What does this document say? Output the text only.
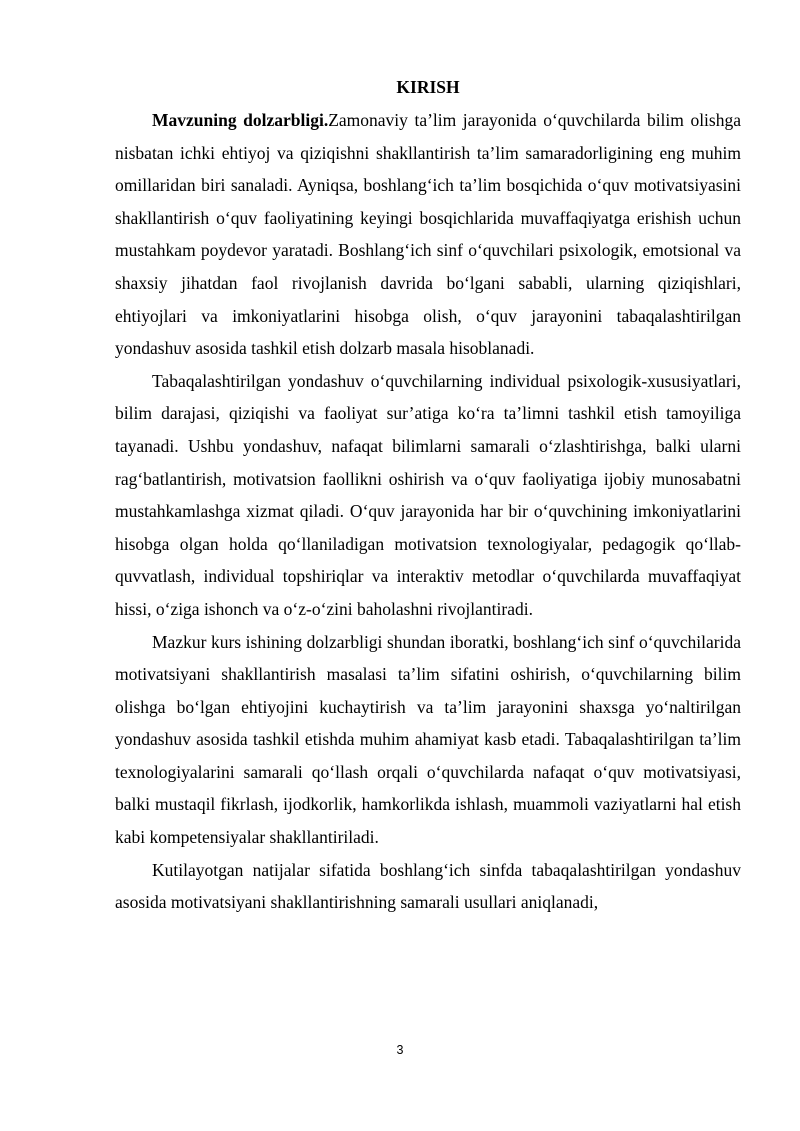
KIRISH

Mavzuning dolzarbligi.Zamonaviy ta’lim jarayonida o‘quvchilarda bilim olishga nisbatan ichki ehtiyoj va qiziqishni shakllantirish ta’lim samaradorligining eng muhim omillaridan biri sanaladi. Ayniqsa, boshlang‘ich ta’lim bosqichida o‘quv motivatsiyasini shakllantirish o‘quv faoliyatining keyingi bosqichlarida muvaffaqiyatga erishish uchun mustahkam poydevor yaratadi. Boshlang‘ich sinf o‘quvchilari psixologik, emotsional va shaxsiy jihatdan faol rivojlanish davrida bo‘lgani sababli, ularning qiziqishlari, ehtiyojlari va imkoniyatlarini hisobga olish, o‘quv jarayonini tabaqalashtirilgan yondashuv asosida tashkil etish dolzarb masala hisoblanadi.

Tabaqalashtirilgan yondashuv o‘quvchilarning individual psixologik-xususiyatlari, bilim darajasi, qiziqishi va faoliyat sur’atiga ko‘ra ta’limni tashkil etish tamoyiliga tayanadi. Ushbu yondashuv, nafaqat bilimlarni samarali o‘zlashtirishga, balki ularni rag‘batlantirish, motivatsion faollikni oshirish va o‘quv faoliyatiga ijobiy munosabatni mustahkamlashga xizmat qiladi. O‘quv jarayonida har bir o‘quvchining imkoniyatlarini hisobga olgan holda qo‘llaniladigan motivatsion texnologiyalar, pedagogik qo‘llab-quvvatlash, individual topshiriqlar va interaktiv metodlar o‘quvchilarda muvaffaqiyat hissi, o‘ziga ishonch va o‘z-o‘zini baholashni rivojlantiradi.

Mazkur kurs ishining dolzarbligi shundan iboratki, boshlang‘ich sinf o‘quvchilarida motivatsiyani shakllantirish masalasi ta’lim sifatini oshirish, o‘quvchilarning bilim olishga bo‘lgan ehtiyojini kuchaytirish va ta’lim jarayonini shaxsga yo‘naltirilgan yondashuv asosida tashkil etishda muhim ahamiyat kasb etadi. Tabaqalashtirilgan ta’lim texnologiyalarini samarali qo‘llash orqali o‘quvchilarda nafaqat o‘quv motivatsiyasi, balki mustaqil fikrlash, ijodkorlik, hamkorlikda ishlash, muammoli vaziyatlarni hal etish kabi kompetensiyalar shakllantiriladi.

Kutilayotgan natijalar sifatida boshlang‘ich sinfda tabaqalashtirilgan yondashuv asosida motivatsiyani shakllantirishning samarali usullari aniqlanadi,

3
